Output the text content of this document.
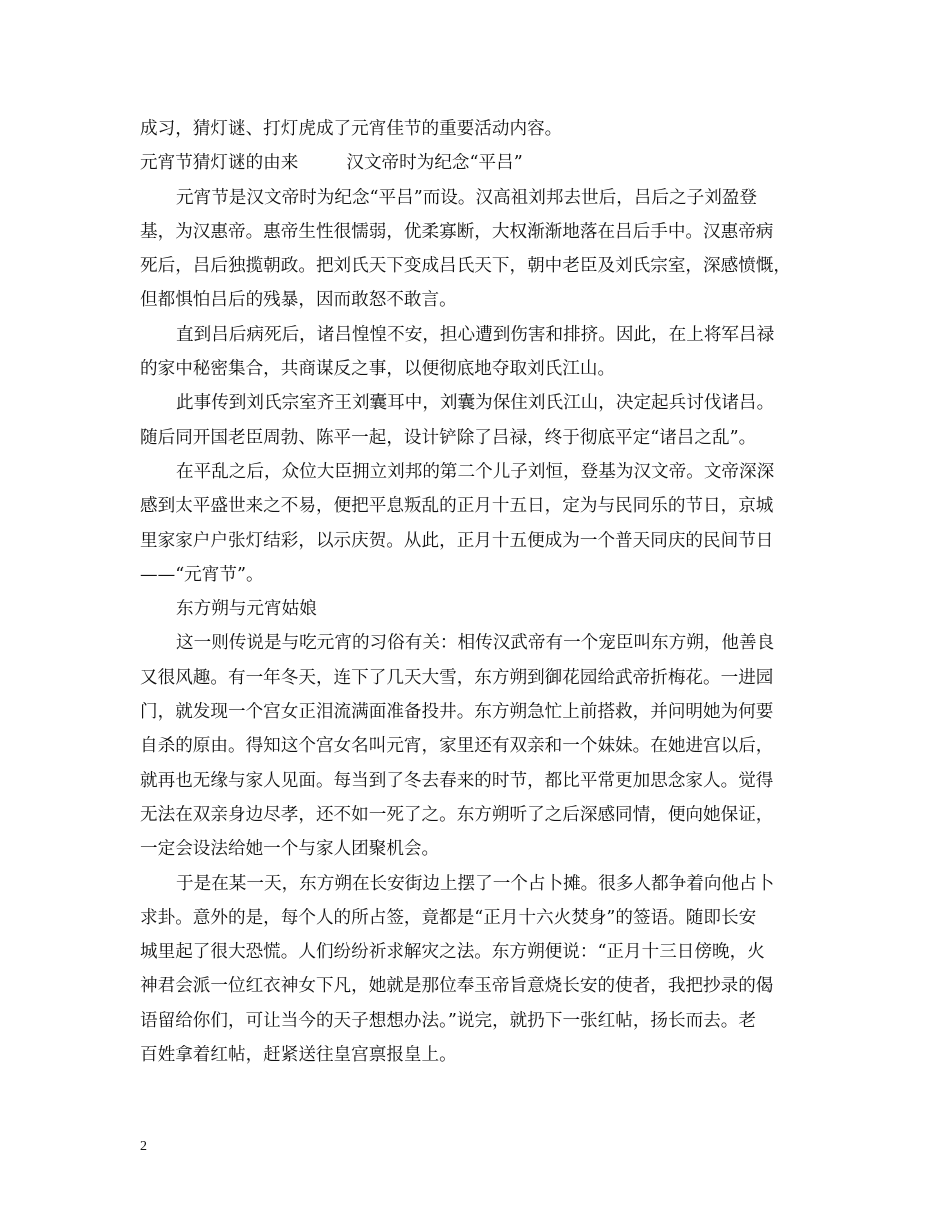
成习，猜灯谜、打灯虎成了元宵佳节的重要活动内容。
元宵节猜灯谜的由来	汉文帝时为纪念“平吕”
元宵节是汉文帝时为纪念“平吕”而设。汉高祖刘邦去世后，吕后之子刘盈登
基，为汉惠帝。惠帝生性很懦弱，优柔寡断，大权渐渐地落在吕后手中。汉惠帝病
死后，吕后独揽朝政。把刘氏天下变成吕氏天下，朝中老臣及刘氏宗室，深感愤慨，
但都惧怕吕后的残暴，因而敢怒不敢言。
直到吕后病死后，诸吕惶惶不安，担心遭到伤害和排挤。因此，在上将军吕禄
的家中秘密集合，共商谋反之事，以便彻底地夺取刘氏江山。
此事传到刘氏宗室齐王刘囊耳中，刘囊为保住刘氏江山，决定起兵讨伐诸吕。
随后同开国老臣周勃、陈平一起，设计铲除了吕禄，终于彻底平定“诸吕之乱”。
在平乱之后，众位大臣拥立刘邦的第二个儿子刘恒，登基为汉文帝。文帝深深
感到太平盛世来之不易，便把平息叛乱的正月十五日，定为与民同乐的节日，京城
里家家户户张灯结彩，以示庆贺。从此，正月十五便成为一个普天同庆的民间节日
——“元宵节”。
东方朔与元宵姑娘
这一则传说是与吃元宵的习俗有关：相传汉武帝有一个宠臣叫东方朔，他善良
又很风趣。有一年冬天，连下了几天大雪，东方朔到御花园给武帝折梅花。一进园
门，就发现一个宫女正泪流满面准备投井。东方朔急忙上前搭救，并问明她为何要
自杀的原由。得知这个宫女名叫元宵，家里还有双亲和一个妹妹。在她进宫以后，
就再也无缘与家人见面。每当到了冬去春来的时节，都比平常更加思念家人。觉得
无法在双亲身边尽孝，还不如一死了之。东方朔听了之后深感同情，便向她保证，
一定会设法给她一个与家人团聚机会。
于是在某一天，东方朔在长安街边上摆了一个占卜摊。很多人都争着向他占卜
求卦。意外的是，每个人的所占签，竟都是“正月十六火焚身”的签语。随即长安
城里起了很大恐慌。人们纷纷祈求解灾之法。东方朔便说：“正月十三日傍晚，火
神君会派一位红衣神女下凡，她就是那位奉玉帝旨意烧长安的使者，我把抄录的偈
语留给你们，可让当今的天子想想办法。”说完，就扔下一张红帖，扬长而去。老
百姓拿着红帖，赶紧送往皇宫禀报皇上。
2
